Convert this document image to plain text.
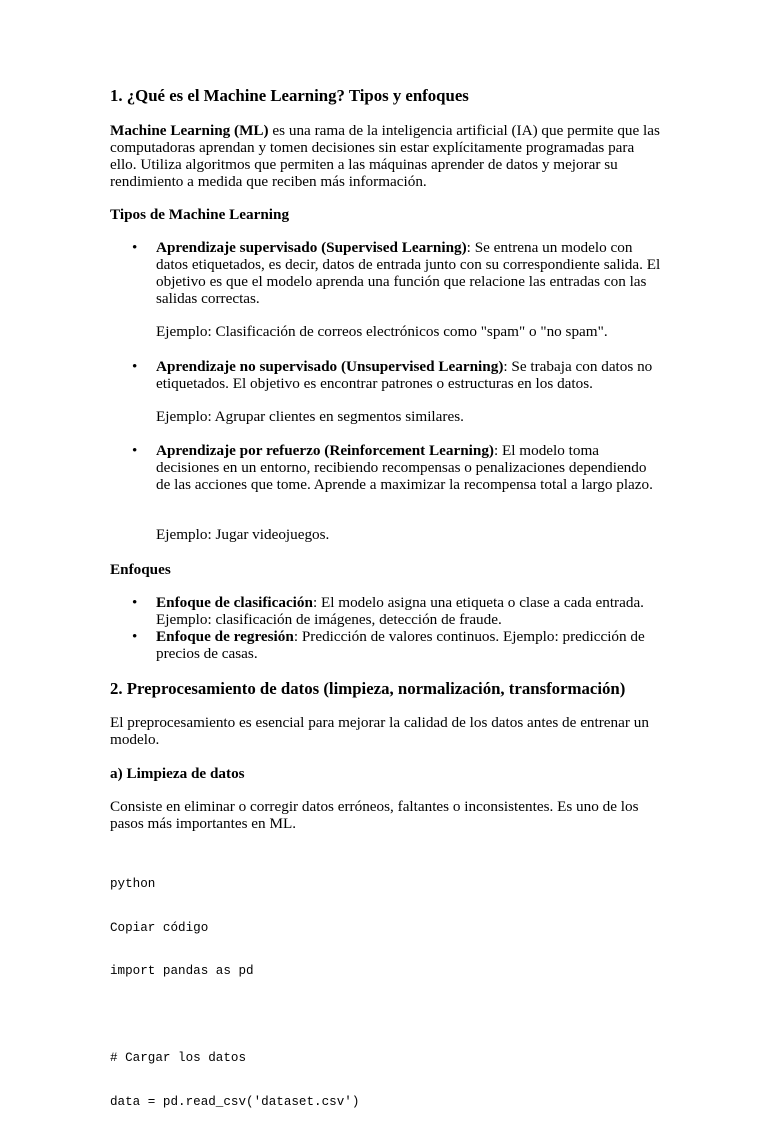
1. ¿Qué es el Machine Learning? Tipos y enfoques

Machine Learning (ML) es una rama de la inteligencia artificial (IA) que permite que las computadoras aprendan y tomen decisiones sin estar explícitamente programadas para ello. Utiliza algoritmos que permiten a las máquinas aprender de datos y mejorar su rendimiento a medida que reciben más información.

Tipos de Machine Learning
• Aprendizaje supervisado (Supervised Learning): Se entrena un modelo con datos etiquetados, es decir, datos de entrada junto con su correspondiente salida. El objetivo es que el modelo aprenda una función que relacione las entradas con las salidas correctas.

Ejemplo: Clasificación de correos electrónicos como "spam" o "no spam".

• Aprendizaje no supervisado (Unsupervised Learning): Se trabaja con datos no etiquetados. El objetivo es encontrar patrones o estructuras en los datos.

Ejemplo: Agrupar clientes en segmentos similares.

• Aprendizaje por refuerzo (Reinforcement Learning): El modelo toma decisiones en un entorno, recibiendo recompensas o penalizaciones dependiendo de las acciones que tome. Aprende a maximizar la recompensa total a largo plazo.

Ejemplo: Jugar videojuegos.

Enfoques
• Enfoque de clasificación: El modelo asigna una etiqueta o clase a cada entrada. Ejemplo: clasificación de imágenes, detección de fraude.

• Enfoque de regresión: Predicción de valores continuos. Ejemplo: predicción de precios de casas.

2. Preprocesamiento de datos (limpieza, normalización, transformación)

El preprocesamiento es esencial para mejorar la calidad de los datos antes de entrenar un modelo.

a) Limpieza de datos

Consiste en eliminar o corregir datos erróneos, faltantes o inconsistentes. Es uno de los pasos más importantes en ML.

python

Copiar código

import pandas as pd

# Cargar los datos

data = pd.read_csv('dataset.csv')
